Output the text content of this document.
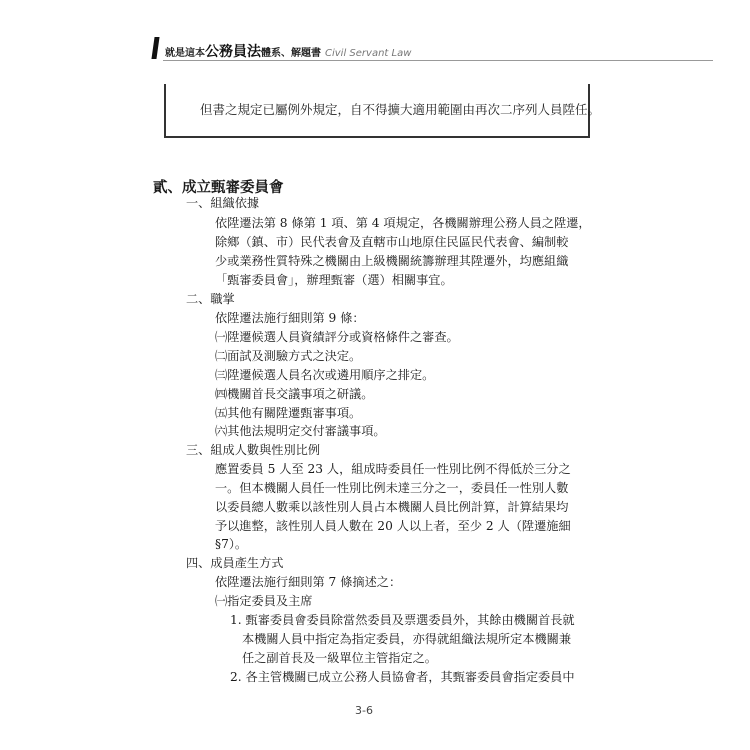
就是這本公務員法體系、解題書 Civil Servant Law
但書之規定已屬例外規定，自不得擴大適用範圍由再次二序列人員陞任。
貳、成立甄審委員會
一、組織依據
依陞遷法第 8 條第 1 項、第 4 項規定，各機關辦理公務人員之陞遷，
除鄉（鎮、市）民代表會及直轄市山地原住民區民代表會、編制較
少或業務性質特殊之機關由上級機關統籌辦理其陞遷外，均應組織
「甄審委員會」，辦理甄審（選）相關事宜。
二、職掌
依陞遷法施行細則第 9 條：
㈠陞遷候選人員資績評分或資格條件之審查。
㈡面試及測驗方式之決定。
㈢陞遷候選人員名次或遴用順序之排定。
㈣機關首長交議事項之研議。
㈤其他有關陞遷甄審事項。
㈥其他法規明定交付審議事項。
三、組成人數與性別比例
應置委員 5 人至 23 人，組成時委員任一性別比例不得低於三分之
一。但本機關人員任一性別比例未達三分之一，委員任一性別人數
以委員總人數乘以該性別人員占本機關人員比例計算，計算結果均
予以進整，該性別人員人數在 20 人以上者，至少 2 人（陞遷施細
§7）。
四、成員產生方式
依陞遷法施行細則第 7 條摘述之：
㈠指定委員及主席
1. 甄審委員會委員除當然委員及票選委員外，其餘由機關首長就
本機關人員中指定為指定委員，亦得就組織法規所定本機關兼
任之副首長及一級單位主管指定之。
2. 各主管機關已成立公務人員協會者，其甄審委員會指定委員中
3-6
